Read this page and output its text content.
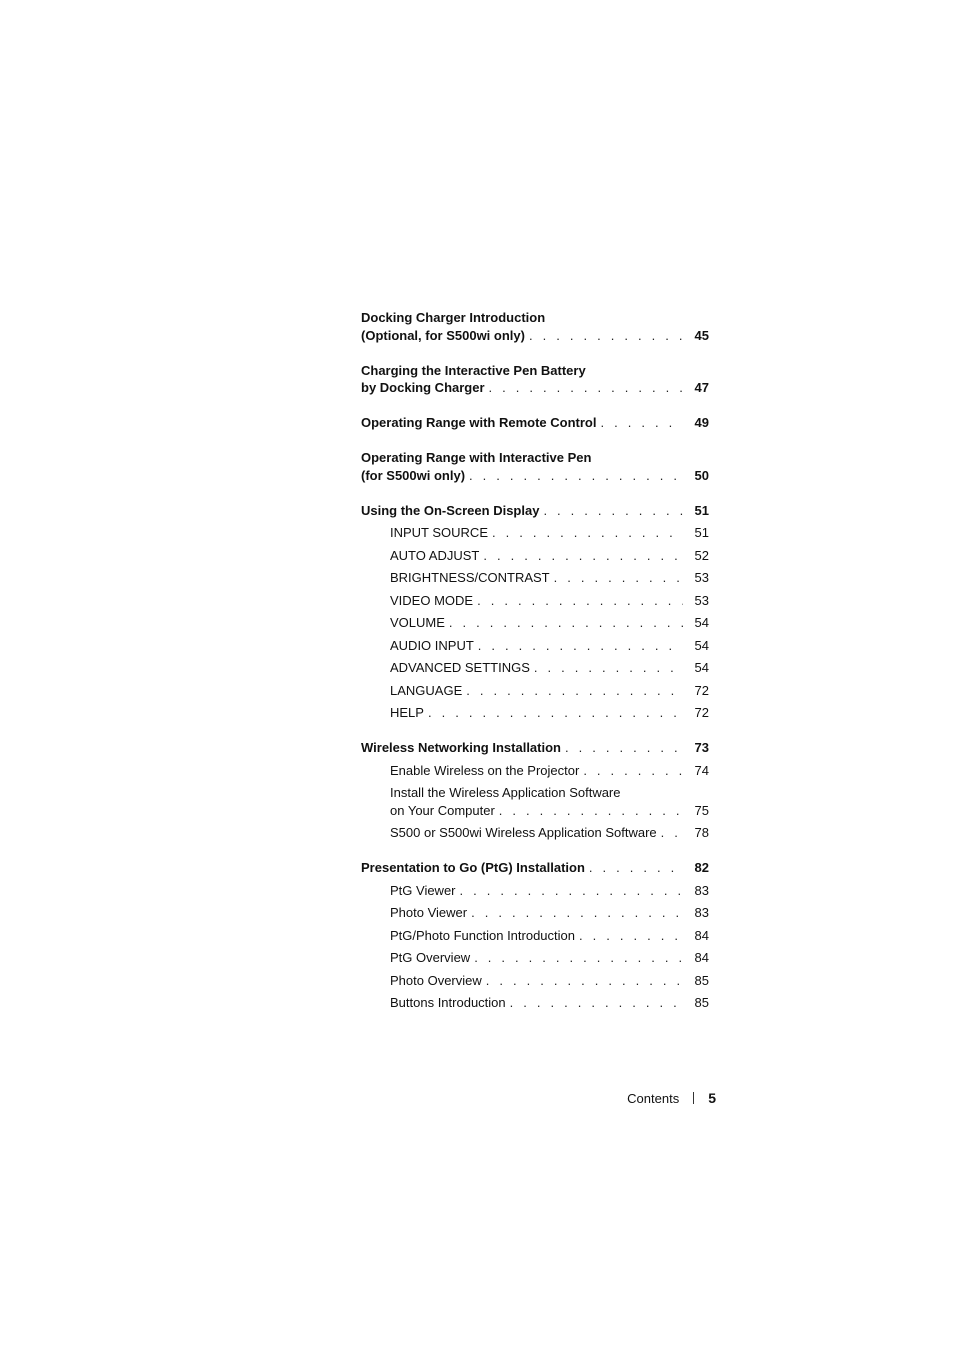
Docking Charger Introduction
(Optional, for S500wi only) . . .	45
Charging the Interactive Pen Battery
by Docking Charger . . .	47
Operating Range with Remote Control . . .	49
Operating Range with Interactive Pen
(for S500wi only) . . .	50
Using the On-Screen Display . . .	51
INPUT SOURCE . . .	51
AUTO ADJUST . . .	52
BRIGHTNESS/CONTRAST . . .	53
VIDEO MODE . . .	53
VOLUME . . .	54
AUDIO INPUT . . .	54
ADVANCED SETTINGS . . .	54
LANGUAGE . . .	72
HELP . . .	72
Wireless Networking Installation . . .	73
Enable Wireless on the Projector . . .	74
Install the Wireless Application Software
on Your Computer . . .	75
S500 or S500wi Wireless Application Software . . .	78
Presentation to Go (PtG) Installation . . .	82
PtG Viewer . . .	83
Photo Viewer . . .	83
PtG/Photo Function Introduction . . .	84
PtG Overview . . .	84
Photo Overview . . .	85
Buttons Introduction . . .	85
Contents 5
